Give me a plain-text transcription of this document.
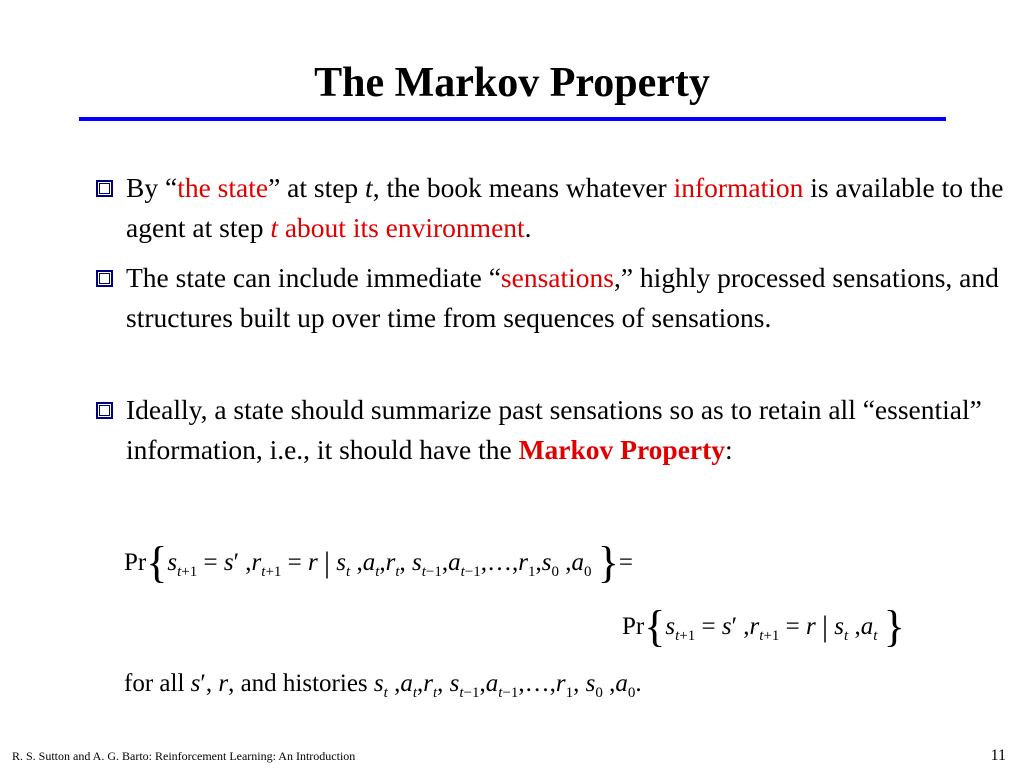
The Markov Property
By “the state” at step t, the book means whatever information is available to the agent at step t about its environment.
The state can include immediate “sensations,” highly processed sensations, and structures built up over time from sequences of sensations.
Ideally, a state should summarize past sensations so as to retain all “essential” information, i.e., it should have the Markov Property:
$Pr\{s_{t+1} = s'$ $,r_{t+1} = r$ | $s_t$ $,a_t,r_t$, $s_{t-1},a_{t-1},\dots,r_1,s_0$ $,a_0$ }=
$Pr\{s_{t+1} = s'$ $,r_{t+1} = r$ | $s_t$ $,a_t$ }
for all s′, r, and histories $s_t$ $,a_t,r_t$, $s_{t-1},a_{t-1},\dots,r_1$, $s_0$ $,a_0$.
R. S. Sutton and A. G. Barto: Reinforcement Learning: An Introduction	11
